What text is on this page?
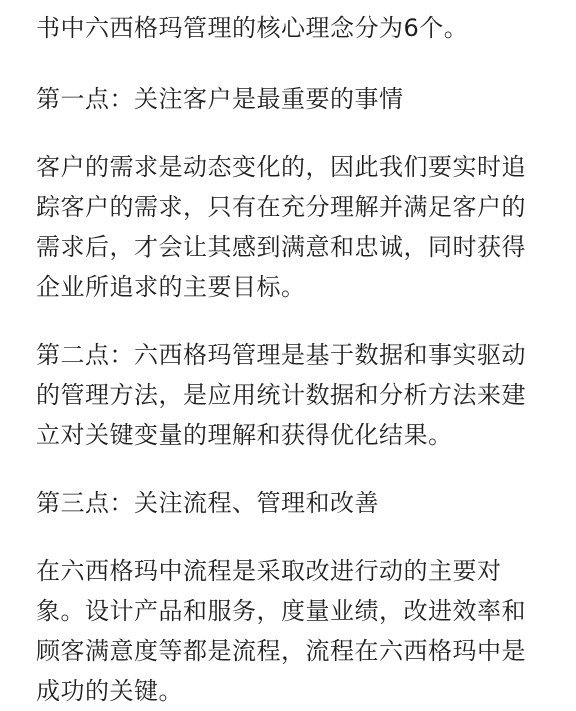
书中六西格玛管理的核心理念分为6个。

第一点：关注客户是最重要的事情

客户的需求是动态变化的，因此我们要实时追踪客户的需求，只有在充分理解并满足客户的需求后，才会让其感到满意和忠诚，同时获得企业所追求的主要目标。

第二点：六西格玛管理是基于数据和事实驱动的管理方法，是应用统计数据和分析方法来建立对关键变量的理解和获得优化结果。

第三点：关注流程、管理和改善

在六西格玛中流程是采取改进行动的主要对象。设计产品和服务，度量业绩，改进效率和顾客满意度等都是流程，流程在六西格玛中是成功的关键。
